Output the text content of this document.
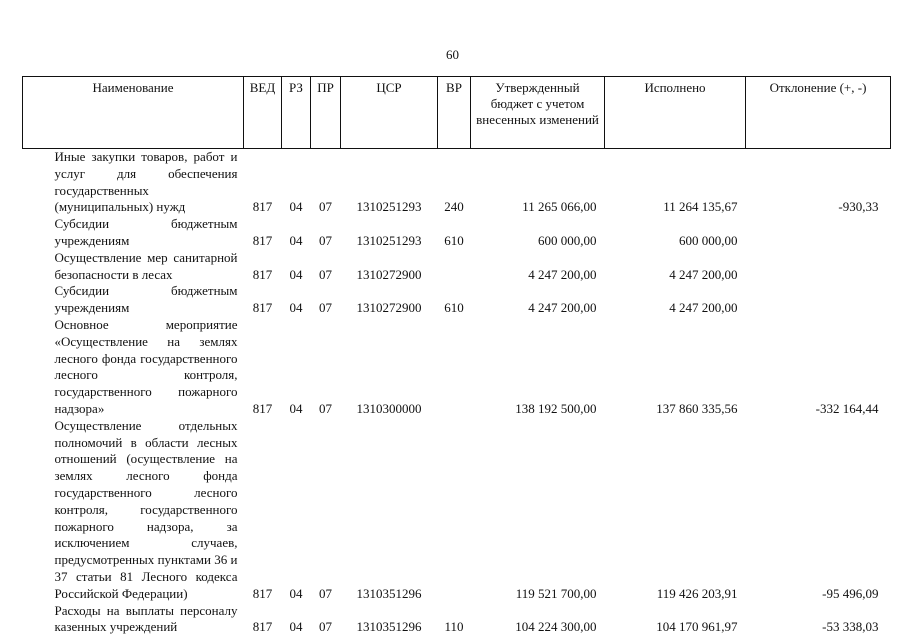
60
Наименование	ВЕД	РЗ	ПР	ЦСР	ВР	Утвержденный бюджет с учетом внесенных изменений	Исполнено	Отклонение (+, -)
Иные закупки товаров, работ и услуг для обеспечения государственных (муниципальных) нужд	817	04	07	1310251293	240	11 265 066,00	11 264 135,67	-930,33
Субсидии бюджетным учреждениям	817	04	07	1310251293	610	600 000,00	600 000,00	
Осуществление мер санитарной безопасности в лесах	817	04	07	1310272900		4 247 200,00	4 247 200,00	
Субсидии бюджетным учреждениям	817	04	07	1310272900	610	4 247 200,00	4 247 200,00	
Основное мероприятие «Осуществление на землях лесного фонда государственного лесного контроля, государственного пожарного надзора»	817	04	07	1310300000		138 192 500,00	137 860 335,56	-332 164,44
Осуществление отдельных полномочий в области лесных отношений (осуществление на землях лесного фонда государственного лесного контроля, государственного пожарного надзора, за исключением случаев, предусмотренных пунктами 36 и 37 статьи 81 Лесного кодекса Российской Федерации)	817	04	07	1310351296		119 521 700,00	119 426 203,91	-95 496,09
Расходы на выплаты персоналу казенных учреждений	817	04	07	1310351296	110	104 224 300,00	104 170 961,97	-53 338,03
